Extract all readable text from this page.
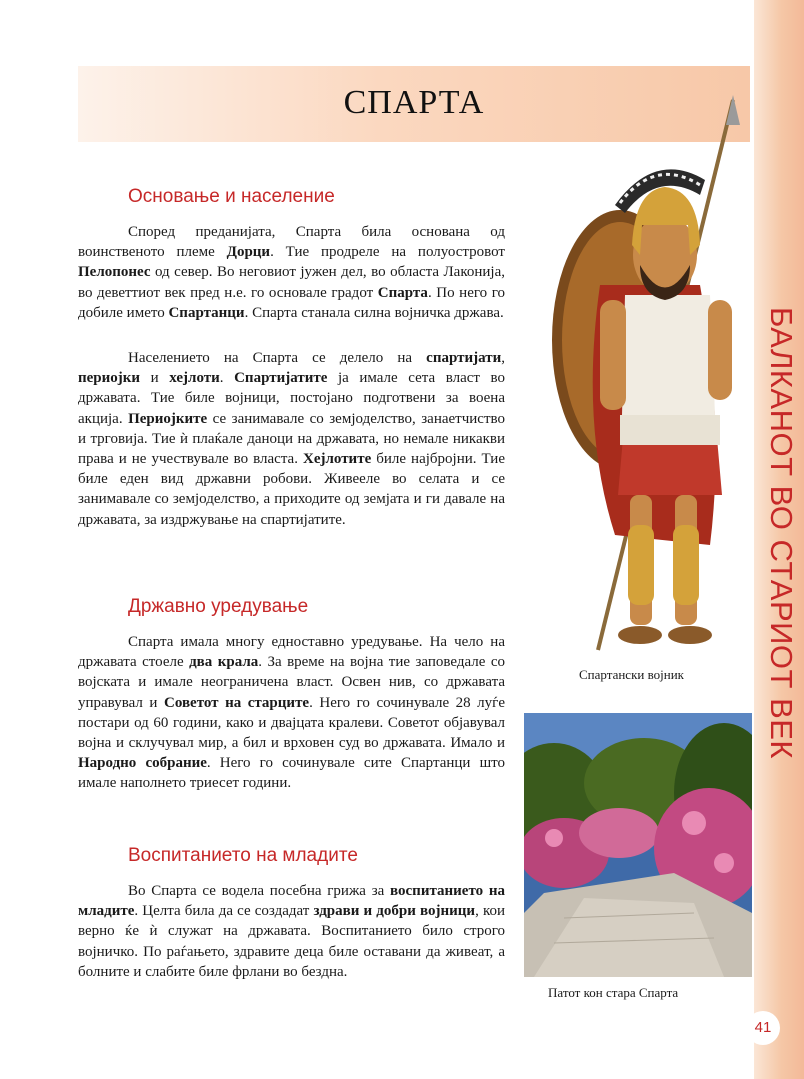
БАЛКАНОТ ВО СТАРИОТ ВЕК
СПАРТА
Основање и население

Според преданијата, Спарта била основана од воинственото племе Дорци. Тие продреле на полуостровот Пелопонес од север. Во неговиот јужен дел, во областа Лаконија, во деветтиот век пред н.е. го основале градот Спарта. По него го добиле името Спартанци. Спарта станала силна воjничка држава.

Населението на Спарта се делело на спартијати, периојки и хејлоти. Спартијатите ја имале сета власт во државата. Тие биле војници, постојано подготвени за воена акција. Периојките се занимавале со земјоделство, занаетчиство и трговија. Тие ѝ плаќале даноци на државата, но немале никакви права и не учествувале во власта. Хејлотите биле најбројни. Тие биле еден вид државни робови. Живееле во селата и се занимавале со земјоделство, а приходите од земјата и ги давале на државата, за издржување на спартијатите.

Државно уредување

Спарта имала многу едноставно уредување. На чело на државата стоеле два крала. За време на војна тие заповедале со војската и имале неограничена власт. Освен нив, со државата управувал и Советот на старците. Него го сочинувале 28 луѓе постари од 60 години, како и двајцата кралеви. Советот објавувал војна и склучувал мир, а бил и врховен суд во државата. Имало и Народно собрание. Него го сочинувале сите Спартанци што имале наполнето триесет години.

Воспитанието на младите

Во Спарта се водела посебна грижа за воспитанието на младите. Целта била да се создадат здрави и добри војници, кои верно ќе ѝ служат на државата. Воспитанието било строго воjничко. По раѓањето, здравите деца биле оставани да живеат, а болните и слабите биле фрлани во бездна.

Спартански војник
Патот кон стара Спарта
41
